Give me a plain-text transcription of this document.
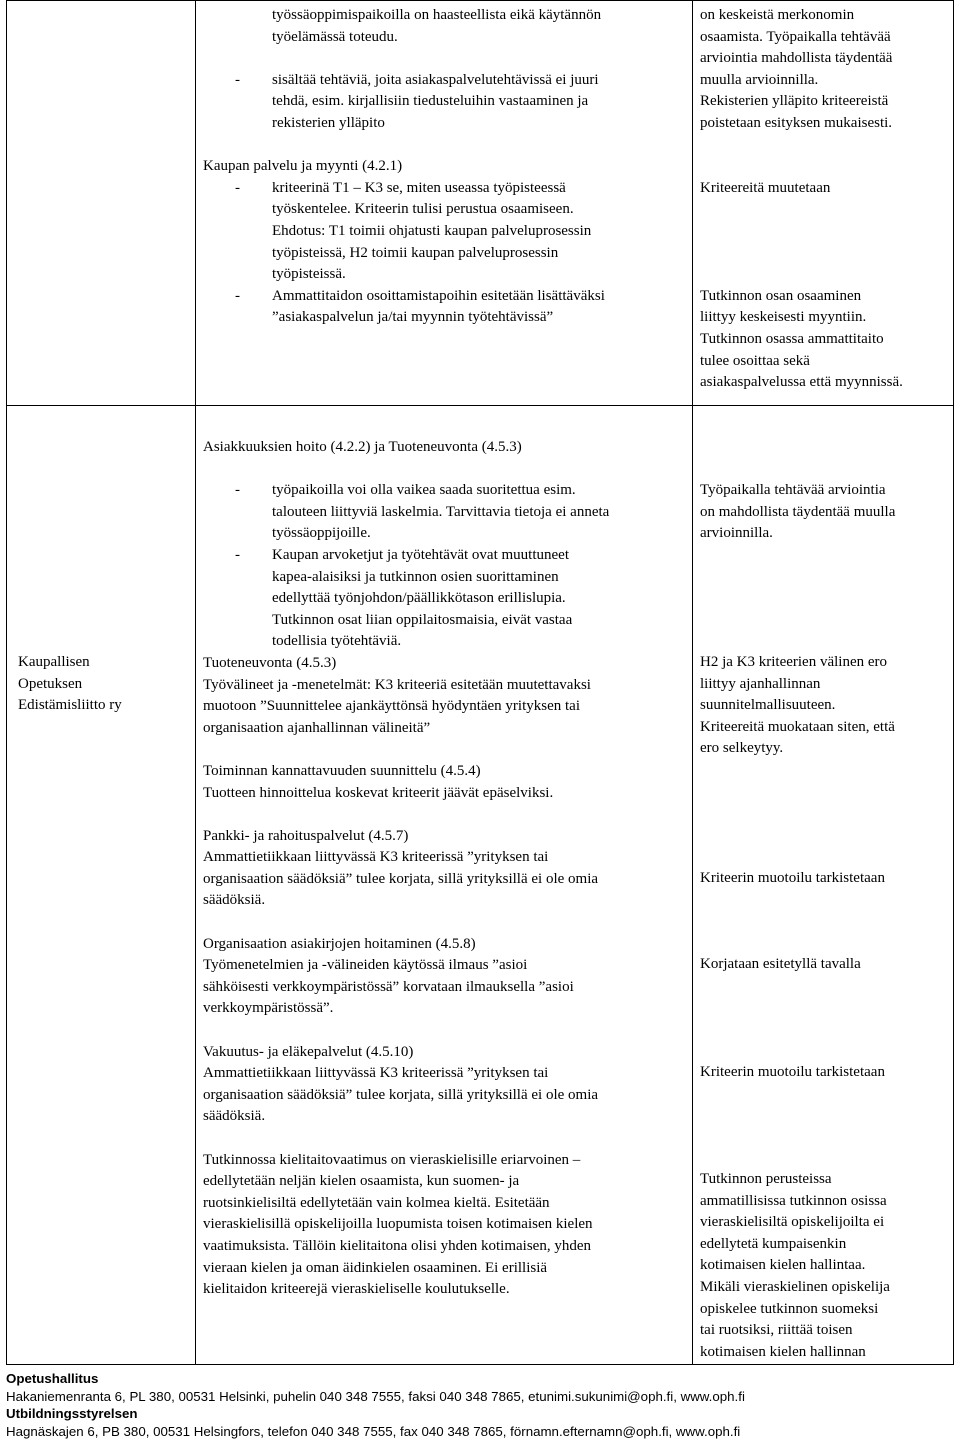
työssäoppimispaikoilla on haasteellista eikä käytännön
työelämässä toteudu.
- sisältää tehtäviä, joita asiakaspalvelutehtävissä ei juuri
tehdä, esim. kirjallisiin tiedusteluihin vastaaminen ja
rekisterien ylläpito
Kaupan palvelu ja myynti (4.2.1)
- kriteerinä T1 – K3 se, miten useassa työpisteessä
työskentelee. Kriteerin tulisi perustua osaamiseen.
Ehdotus: T1 toimii ohjatusti kaupan palveluprosessin
työpisteissä, H2 toimii kaupan palveluprosessin
työpisteissä.
- Ammattitaidon osoittamistapoihin esitetään lisättäväksi
”asiakaspalvelun ja/tai myynnin työtehtävissä”
on keskeistä merkonomin
osaamista. Työpaikalla tehtävää
arviointia mahdollista täydentää
muulla arvioinnilla.
Rekisterien ylläpito kriteereistä
poistetaan esityksen mukaisesti.
Kriteereitä muutetaan
Tutkinnon osan osaaminen
liittyy keskeisesti myyntiin.
Tutkinnon osassa ammattitaito
tulee osoittaa sekä
asiakaspalvelussa että myynnissä.
Kaupallisen
Opetuksen
Edistämisliitto ry
Asiakkuuksien hoito (4.2.2) ja Tuoteneuvonta (4.5.3)
- työpaikoilla voi olla vaikea saada suoritettua esim.
talouteen liittyviä laskelmia. Tarvittavia tietoja ei anneta
työssäoppijoille.
- Kaupan arvoketjut ja työtehtävät ovat muuttuneet
kapea-alaisiksi ja tutkinnon osien suorittaminen
edellyttää työnjohdon/päällikkötason erillislupia.
Tutkinnon osat liian oppilaitosmaisia, eivät vastaa
todellisia työtehtäviä.
Tuoteneuvonta (4.5.3)
Työvälineet ja -menetelmät: K3 kriteeriä esitetään muutettavaksi
muotoon ”Suunnittelee ajankäyttönsä hyödyntäen yrityksen tai
organisaation ajanhallinnan välineitä”
Toiminnan kannattavuuden suunnittelu (4.5.4)
Tuotteen hinnoittelua koskevat kriteerit jäävät epäselviksi.
Pankki- ja rahoituspalvelut (4.5.7)
Ammattietiikkaan liittyvässä K3 kriteerissä ”yrityksen tai
organisaation säädöksiä” tulee korjata, sillä yrityksillä ei ole omia
säädöksiä.
Organisaation asiakirjojen hoitaminen (4.5.8)
Työmenetelmien ja -välineiden käytössä ilmaus ”asioi
sähköisesti verkkoympäristössä” korvataan ilmauksella ”asioi
verkkoympäristössä”.
Vakuutus- ja eläkepalvelut (4.5.10)
Ammattietiikkaan liittyvässä K3 kriteerissä ”yrityksen tai
organisaation säädöksiä” tulee korjata, sillä yrityksillä ei ole omia
säädöksiä.
Tutkinnossa kielitaitovaatimus on vieraskielisille eriarvoinen –
edellytetään neljän kielen osaamista, kun suomen- ja
ruotsinkielisiltä edellytetään vain kolmea kieltä. Esitetään
vieraskielisillä opiskelijoilla luopumista toisen kotimaisen kielen
vaatimuksista. Tällöin kielitaitona olisi yhden kotimaisen, yhden
vieraan kielen ja oman äidinkielen osaaminen. Ei erillisiä
kielitaidon kriteerejä vieraskieliselle koulutukselle.
Työpaikalla tehtävää arviointia
on mahdollista täydentää muulla
arvioinnilla.
H2 ja K3 kriteerien välinen ero
liittyy ajanhallinnan
suunnitelmallisuuteen.
Kriteereitä muokataan siten, että
ero selkeytyy.
Kriteerin muotoilu tarkistetaan
Korjataan esitetyllä tavalla
Kriteerin muotoilu tarkistetaan
Tutkinnon perusteissa
ammatillisissa tutkinnon osissa
vieraskielisiltä opiskelijoilta ei
edellytetä kumpaisenkin
kotimaisen kielen hallintaa.
Mikäli vieraskielinen opiskelija
opiskelee tutkinnon suomeksi
tai ruotsiksi, riittää toisen
kotimaisen kielen hallinnan
Opetushallitus
Hakaniemenranta 6, PL 380, 00531 Helsinki, puhelin 040 348 7555, faksi 040 348 7865, etunimi.sukunimi@oph.fi, www.oph.fi
Utbildningsstyrelsen
Hagnäskajen 6, PB 380, 00531 Helsingfors, telefon 040 348 7555, fax 040 348 7865, förnamn.efternamn@oph.fi, www.oph.fi
